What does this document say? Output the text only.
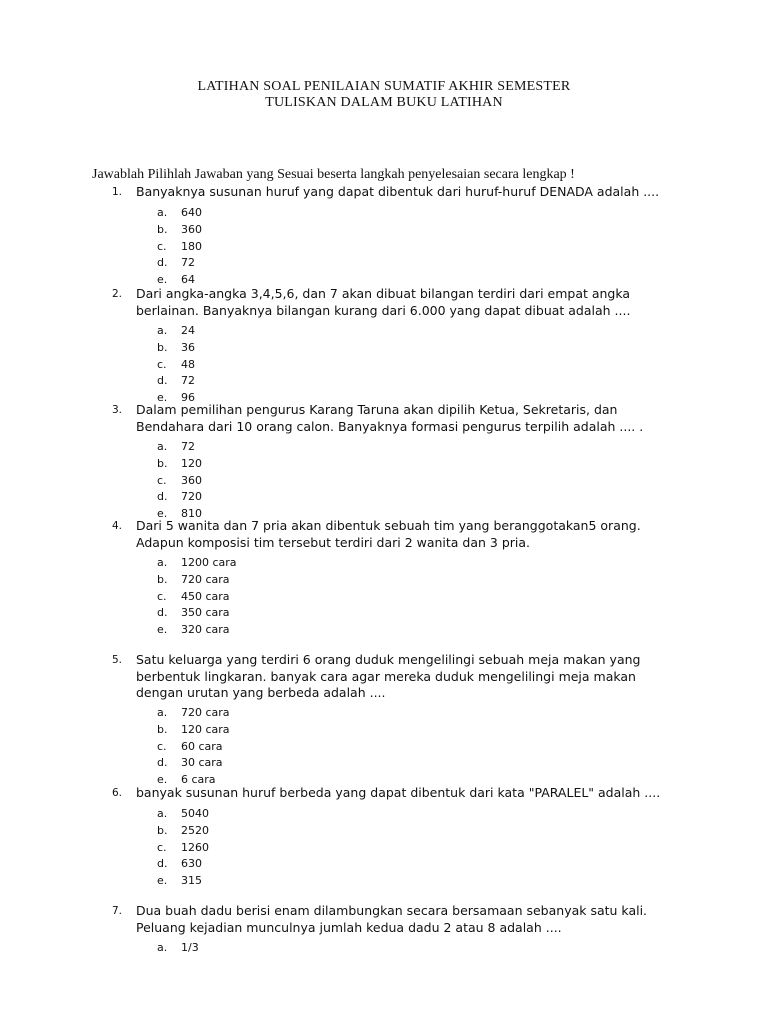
LATIHAN SOAL PENILAIAN SUMATIF AKHIR SEMESTER
TULISKAN DALAM BUKU LATIHAN
Jawablah Pilihlah Jawaban yang Sesuai beserta langkah penyelesaian secara lengkap !
1. Banyaknya susunan huruf yang dapat dibentuk dari huruf-huruf DENADA adalah ....
a. 640
b. 360
c. 180
d. 72
e. 64
2. Dari angka-angka 3,4,5,6, dan 7 akan dibuat bilangan terdiri dari empat angka
berlainan. Banyaknya bilangan kurang dari 6.000 yang dapat dibuat adalah ....
a. 24
b. 36
c. 48
d. 72
e. 96
3. Dalam pemilihan pengurus Karang Taruna akan dipilih Ketua, Sekretaris, dan
Bendahara dari 10 orang calon. Banyaknya formasi pengurus terpilih adalah .... .
a. 72
b. 120
c. 360
d. 720
e. 810
4. Dari 5 wanita dan 7 pria akan dibentuk sebuah tim yang beranggotakan5 orang.
Adapun komposisi tim tersebut terdiri dari 2 wanita dan 3 pria.
a. 1200 cara
b. 720 cara
c. 450 cara
d. 350 cara
e. 320 cara
5. Satu keluarga yang terdiri 6 orang duduk mengelilingi sebuah meja makan yang
berbentuk lingkaran. banyak cara agar mereka duduk mengelilingi meja makan
dengan urutan yang berbeda adalah ....
a. 720 cara
b. 120 cara
c. 60 cara
d. 30 cara
e. 6 cara
6. banyak susunan huruf berbeda yang dapat dibentuk dari kata "PARALEL" adalah ....
a. 5040
b. 2520
c. 1260
d. 630
e. 315
7. Dua buah dadu berisi enam dilambungkan secara bersamaan sebanyak satu kali.
Peluang kejadian munculnya jumlah kedua dadu 2 atau 8 adalah ....
a. 1/3
